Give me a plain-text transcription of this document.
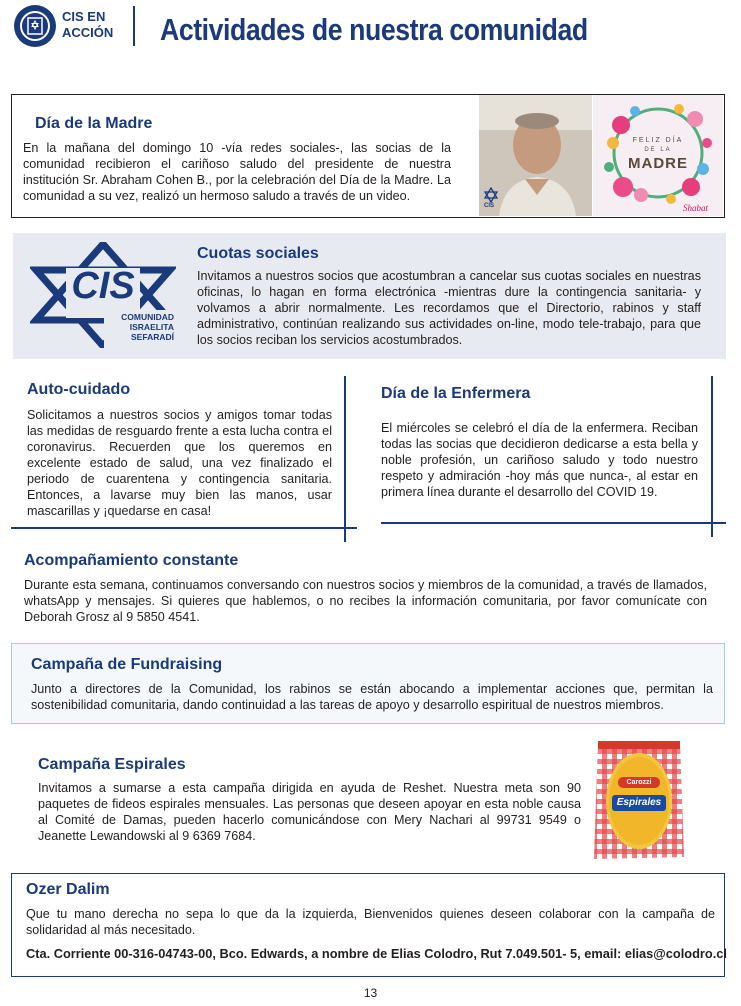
CIS EN
ACCIÓN Actividades de nuestra comunidad
Día de la Madre
En la mañana del domingo 10 -vía redes sociales-, las socias de la comunidad recibieron el cariñoso saludo del presidente de nuestra institución Sr. Abraham Cohen B., por la celebración del Día de la Madre. La comunidad a su vez, realizó un hermoso saludo a través de un video.
CIS
FELIZ DÍA
DE LA
MADRE
Shabat
CIS
COMUNIDAD
ISRAELITA
SEFARADÍ
Cuotas sociales
Invitamos a nuestros socios que acostumbran a cancelar sus cuotas sociales en nuestras oficinas, lo hagan en forma electrónica -mientras dure la contingencia sanitaria- y volvamos a abrir normalmente. Les recordamos que el Directorio, rabinos y staff administrativo, continúan realizando sus actividades on-line, modo tele-trabajo, para que los socios reciban los servicios acostumbrados.
Auto-cuidado
Solicitamos a nuestros socios y amigos tomar todas las medidas de resguardo frente a esta lucha contra el coronavirus. Recuerden que los queremos en excelente estado de salud, una vez finalizado el periodo de cuarentena y contingencia sanitaria. Entonces, a lavarse muy bien las manos, usar mascarillas y ¡quedarse en casa!
Día de la Enfermera
El miércoles se celebró el día de la enfermera. Reciban todas las socias que decidieron dedicarse a esta bella y noble profesión, un cariñoso saludo y todo nuestro respeto y admiración -hoy más que nunca-, al estar en primera línea durante el desarrollo del COVID 19.
Acompañamiento constante
Durante esta semana, continuamos conversando con nuestros socios y miembros de la comunidad, a través de llamados, whatsApp y mensajes. Si quieres que hablemos, o no recibes la información comunitaria, por favor comunícate con Deborah Grosz al 9 5850 4541.
Campaña de Fundraising
Junto a directores de la Comunidad, los rabinos se están abocando a implementar acciones que, permitan la sostenibilidad comunitaria, dando continuidad a las tareas de apoyo y desarrollo espiritual de nuestros miembros.
Campaña Espirales
Invitamos a sumarse a esta campaña dirigida en ayuda de Reshet. Nuestra meta son 90 paquetes de fideos espirales mensuales. Las personas que deseen apoyar en esta noble causa al Comité de Damas, pueden hacerlo comunicándose con Mery Nachari al 99731 9549 o Jeanette Lewandowski al 9 6369 7684.
Carozzi
Espirales
Ozer Dalim
Que tu mano derecha no sepa lo que da la izquierda, Bienvenidos quienes deseen colaborar con la campaña de solidaridad al más necesitado.
Cta. Corriente 00-316-04743-00, Bco. Edwards, a nombre de Elias Colodro, Rut 7.049.501- 5, email: elias@colodro.cl
13
